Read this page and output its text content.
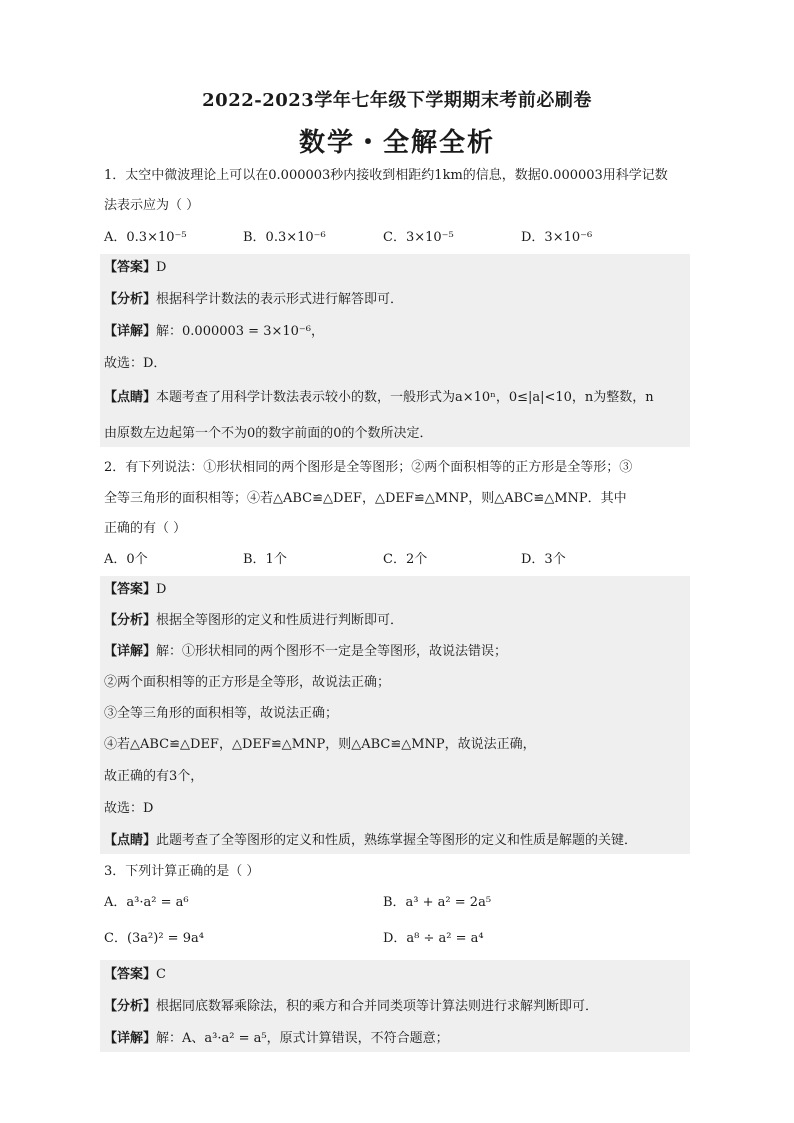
2022-2023学年七年级下学期期末考前必刷卷
数学・全解全析
1．太空中微波理论上可以在0.000003秒内接收到相距约1km的信息，数据0.000003用科学记数
法表示应为（ ）
A．0.3×10⁻⁵	B．0.3×10⁻⁶	C．3×10⁻⁵	D．3×10⁻⁶
【答案】D
【分析】根据科学计数法的表示形式进行解答即可．
【详解】解：0.000003 = 3×10⁻⁶，
故选：D．
【点睛】本题考查了用科学计数法表示较小的数，一般形式为a×10ⁿ，0≤|a|<10，n为整数，n
由原数左边起第一个不为0的数字前面的0的个数所决定．
2．有下列说法：①形状相同的两个图形是全等图形；②两个面积相等的正方形是全等形；③
全等三角形的面积相等；④若△ABC≌△DEF，△DEF≌△MNP，则△ABC≌△MNP．其中
正确的有（ ）
A．0个	B．1个	C．2个	D．3个
【答案】D
【分析】根据全等图形的定义和性质进行判断即可．
【详解】解：①形状相同的两个图形不一定是全等图形，故说法错误；
②两个面积相等的正方形是全等形，故说法正确；
③全等三角形的面积相等，故说法正确；
④若△ABC≌△DEF，△DEF≌△MNP，则△ABC≌△MNP，故说法正确，
故正确的有3个，
故选：D
【点睛】此题考查了全等图形的定义和性质，熟练掌握全等图形的定义和性质是解题的关键．
3．下列计算正确的是（ ）
A．a³·a² = a⁶	B．a³ + a² = 2a⁵
C．(3a²)² = 9a⁴	D．a⁸ ÷ a² = a⁴
【答案】C
【分析】根据同底数幂乘除法，积的乘方和合并同类项等计算法则进行求解判断即可．
【详解】解：A、a³·a² = a⁵，原式计算错误，不符合题意；
